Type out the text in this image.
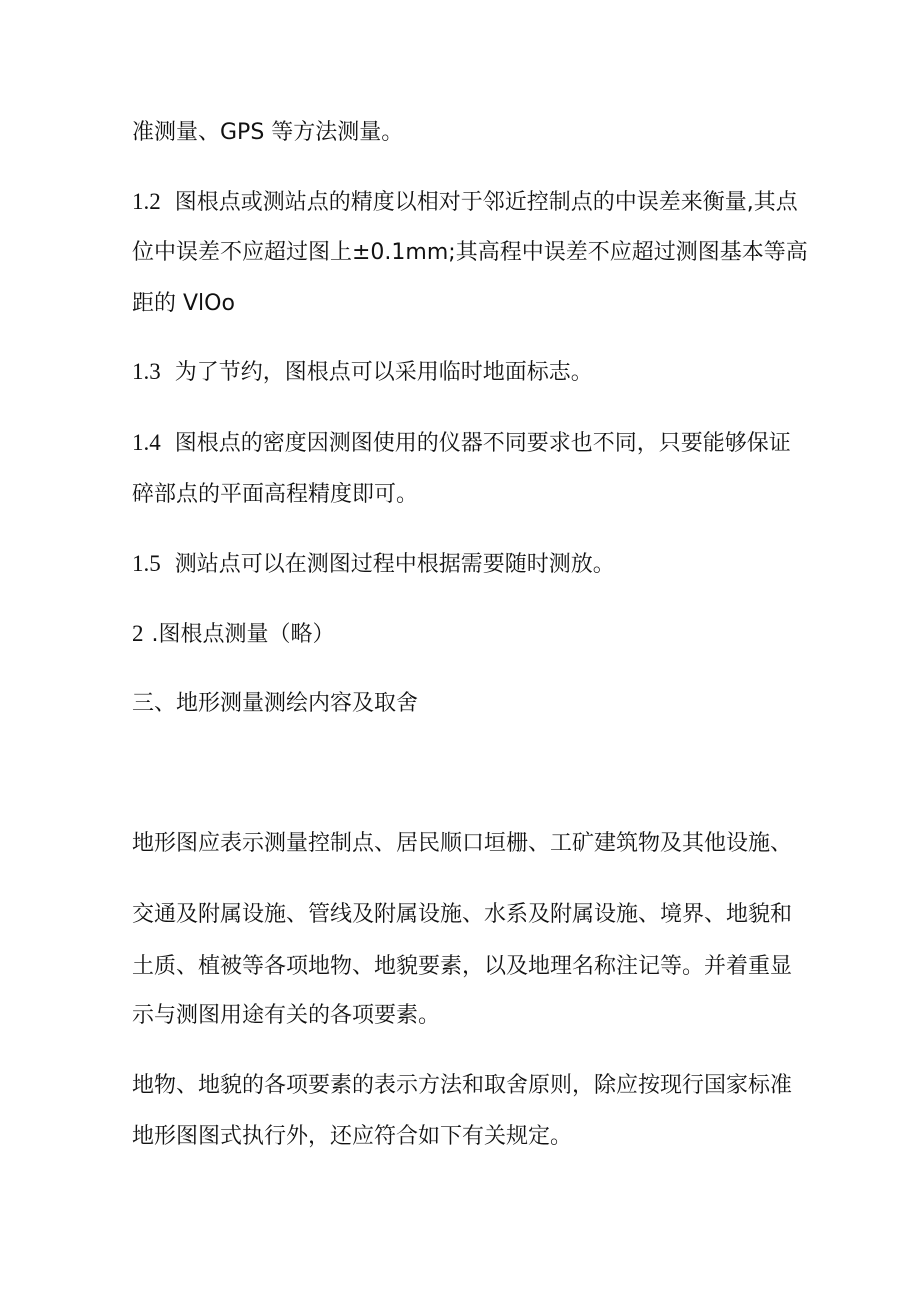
准测量、GPS 等方法测量。
1.2 图根点或测站点的精度以相对于邻近控制点的中误差来衡量,其点
位中误差不应超过图上±0.1mm;其高程中误差不应超过测图基本等高
距的 VlOo
1.3 为了节约，图根点可以采用临时地面标志。
1.4 图根点的密度因测图使用的仪器不同要求也不同，只要能够保证
碎部点的平面高程精度即可。
1.5 测站点可以在测图过程中根据需要随时测放。
2 .图根点测量（略）
三、地形测量测绘内容及取舍
地形图应表示测量控制点、居民顺口垣栅、工矿建筑物及其他设施、
交通及附属设施、管线及附属设施、水系及附属设施、境界、地貌和
土质、植被等各项地物、地貌要素，以及地理名称注记等。并着重显
示与测图用途有关的各项要素。
地物、地貌的各项要素的表示方法和取舍原则，除应按现行国家标准
地形图图式执行外，还应符合如下有关规定。
